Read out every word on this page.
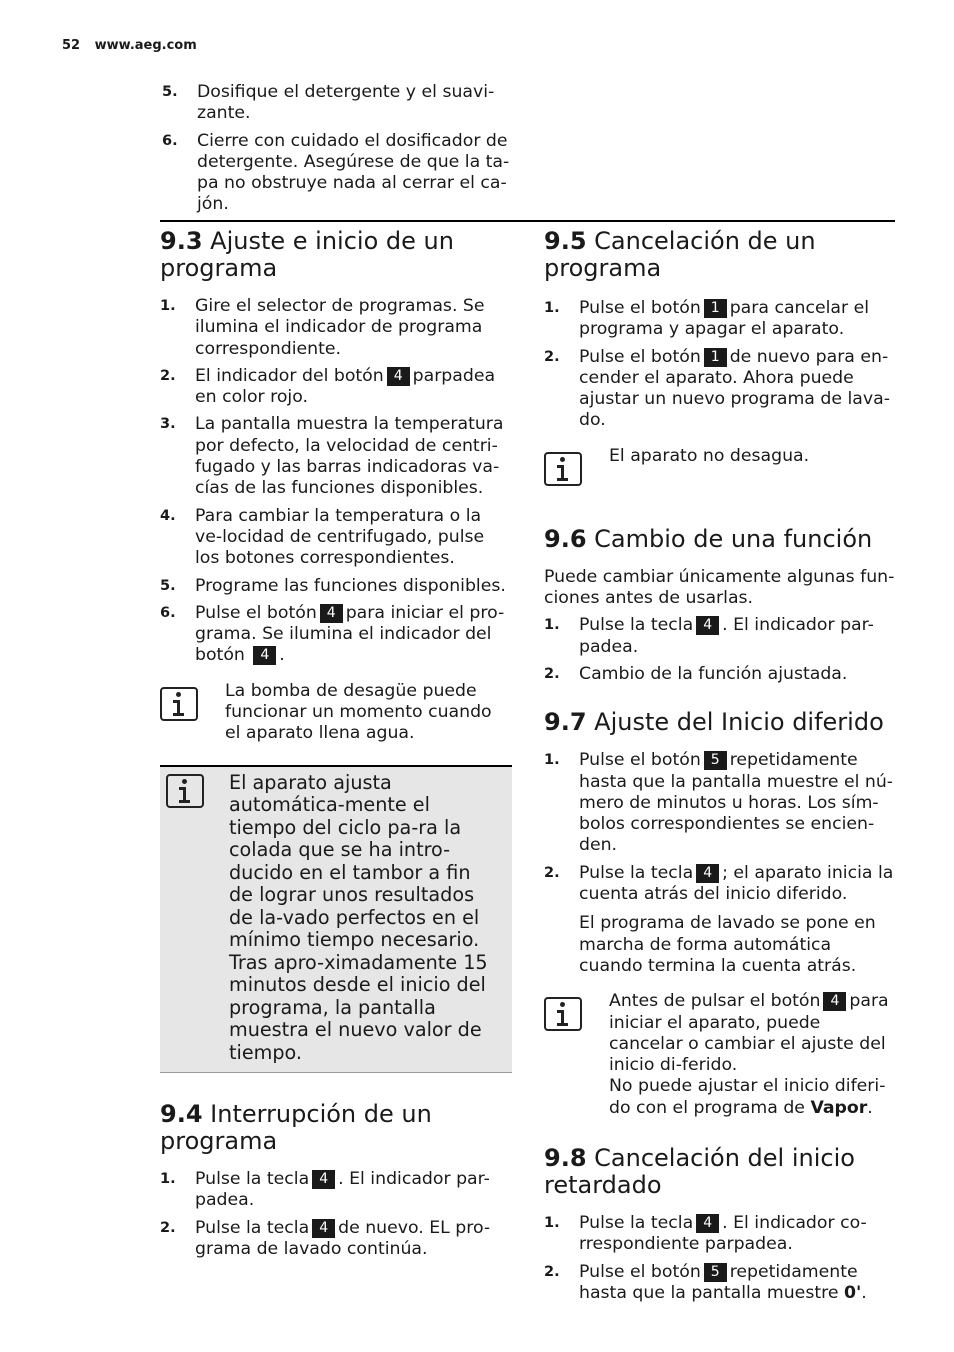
52 www.aeg.com
5. Dosifique el detergente y el suavi-zante.
6. Cierre con cuidado el dosificador de detergente. Asegúrese de que la ta-pa no obstruye nada al cerrar el ca-jón.
9.3 Ajuste e inicio de un programa
1. Gire el selector de programas. Se ilumina el indicador de programa correspondiente.
2. El indicador del botón 4 parpadea en color rojo.
3. La pantalla muestra la temperatura por defecto, la velocidad de centri-fugado y las barras indicadoras va-cías de las funciones disponibles.
4. Para cambiar la temperatura o la ve-locidad de centrifugado, pulse los botones correspondientes.
5. Programe las funciones disponibles.
6. Pulse el botón 4 para iniciar el pro-grama. Se ilumina el indicador del botón 4 .
La bomba de desagüe puede funcionar un momento cuando el aparato llena agua.
El aparato ajusta automática-mente el tiempo del ciclo pa-ra la colada que se ha intro-ducido en el tambor a fin de lograr unos resultados de la-vado perfectos en el mínimo tiempo necesario. Tras apro-ximadamente 15 minutos desde el inicio del programa, la pantalla muestra el nuevo valor de tiempo.
9.4 Interrupción de un programa
1. Pulse la tecla 4 . El indicador par-padea.
2. Pulse la tecla 4 de nuevo. EL pro-grama de lavado continúa.
9.5 Cancelación de un programa
1. Pulse el botón 1 para cancelar el programa y apagar el aparato.
2. Pulse el botón 1 de nuevo para en-cender el aparato. Ahora puede ajustar un nuevo programa de lava-do.
El aparato no desagua.
9.6 Cambio de una función

Puede cambiar únicamente algunas fun-ciones antes de usarlas.

1. Pulse la tecla 4 . El indicador par-padea.
2. Cambio de la función ajustada.
9.7 Ajuste del Inicio diferido
1. Pulse el botón 5 repetidamente hasta que la pantalla muestre el nú-mero de minutos u horas. Los sím-bolos correspondientes se encien-den.
2. Pulse la tecla 4 ; el aparato inicia la cuenta atrás del inicio diferido.
El programa de lavado se pone en marcha de forma automática cuando termina la cuenta atrás.
Antes de pulsar el botón 4 para iniciar el aparato, puede cancelar o cambiar el ajuste del inicio di-ferido.
No puede ajustar el inicio diferi-do con el programa de Vapor.
9.8 Cancelación del inicio retardado
1. Pulse la tecla 4 . El indicador co-rrespondiente parpadea.
2. Pulse el botón 5 repetidamente hasta que la pantalla muestre 0'.
